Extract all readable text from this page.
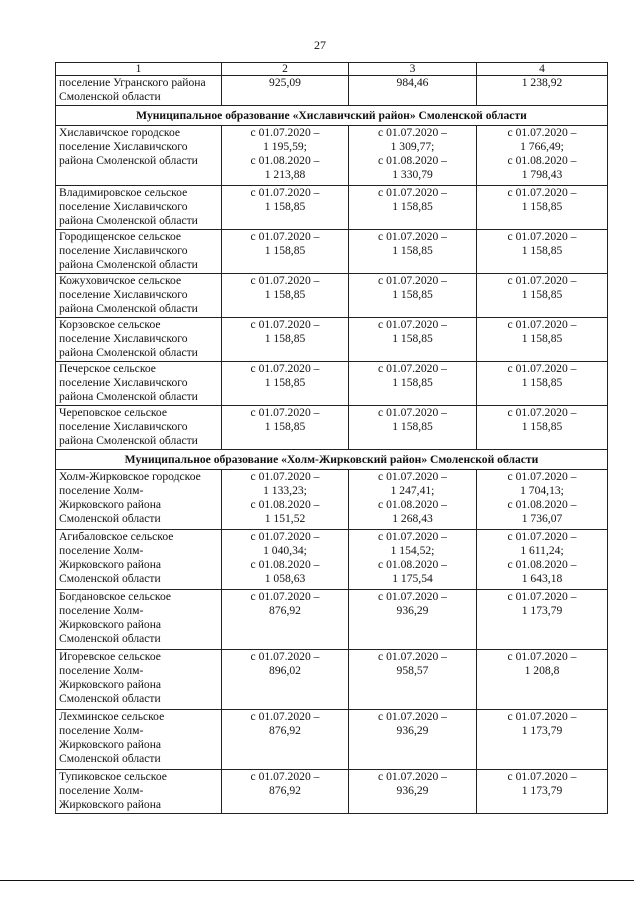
27
1	2	3	4

поселение Угранского района
Смоленской области	925,09	984,46	1 238,92

Муниципальное образование «Хиславичский район» Смоленской области			

Хиславичское городское
поселение Хиславичского
района Смоленской области	с 01.07.2020 –
1 195,59;
с 01.08.2020 –
1 213,88	с 01.07.2020 –
1 309,77;
с 01.08.2020 –
1 330,79	с 01.07.2020 –
1 766,49;
с 01.08.2020 –
1 798,43

Владимировское сельское
поселение Хиславичского
района Смоленской области	с 01.07.2020 –
1 158,85	с 01.07.2020 –
1 158,85	с 01.07.2020 –
1 158,85

Городищенское сельское
поселение Хиславичского
района Смоленской области	с 01.07.2020 –
1 158,85	с 01.07.2020 –
1 158,85	с 01.07.2020 –
1 158,85

Кожуховичское сельское
поселение Хиславичского
района Смоленской области	с 01.07.2020 –
1 158,85	с 01.07.2020 –
1 158,85	с 01.07.2020 –
1 158,85

Корзовское сельское
поселение Хиславичского
района Смоленской области	с 01.07.2020 –
1 158,85	с 01.07.2020 –
1 158,85	с 01.07.2020 –
1 158,85

Печерское сельское
поселение Хиславичского
района Смоленской области	с 01.07.2020 –
1 158,85	с 01.07.2020 –
1 158,85	с 01.07.2020 –
1 158,85

Череповское сельское
поселение Хиславичского
района Смоленской области	с 01.07.2020 –
1 158,85	с 01.07.2020 –
1 158,85	с 01.07.2020 –
1 158,85

Муниципальное образование «Холм-Жирковский район» Смоленской области			

Холм-Жирковское городское
поселение Холм-
Жирковского района
Смоленской области	с 01.07.2020 –
1 133,23;
с 01.08.2020 –
1 151,52	с 01.07.2020 –
1 247,41;
с 01.08.2020 –
1 268,43	с 01.07.2020 –
1 704,13;
с 01.08.2020 –
1 736,07

Агибаловское сельское
поселение Холм-
Жирковского района
Смоленской области	с 01.07.2020 –
1 040,34;
с 01.08.2020 –
1 058,63	с 01.07.2020 –
1 154,52;
с 01.08.2020 –
1 175,54	с 01.07.2020 –
1 611,24;
с 01.08.2020 –
1 643,18

Богдановское сельское
поселение Холм-
Жирковского района
Смоленской области	с 01.07.2020 –
876,92	с 01.07.2020 –
936,29	с 01.07.2020 –
1 173,79

Игоревское сельское
поселение Холм-
Жирковского района
Смоленской области	с 01.07.2020 –
896,02	с 01.07.2020 –
958,57	с 01.07.2020 –
1 208,8

Лехминское сельское
поселение Холм-
Жирковского района
Смоленской области	с 01.07.2020 –
876,92	с 01.07.2020 –
936,29	с 01.07.2020 –
1 173,79

Тупиковское сельское
поселение Холм-
Жирковского района	с 01.07.2020 –
876,92	с 01.07.2020 –
936,29	с 01.07.2020 –
1 173,79
